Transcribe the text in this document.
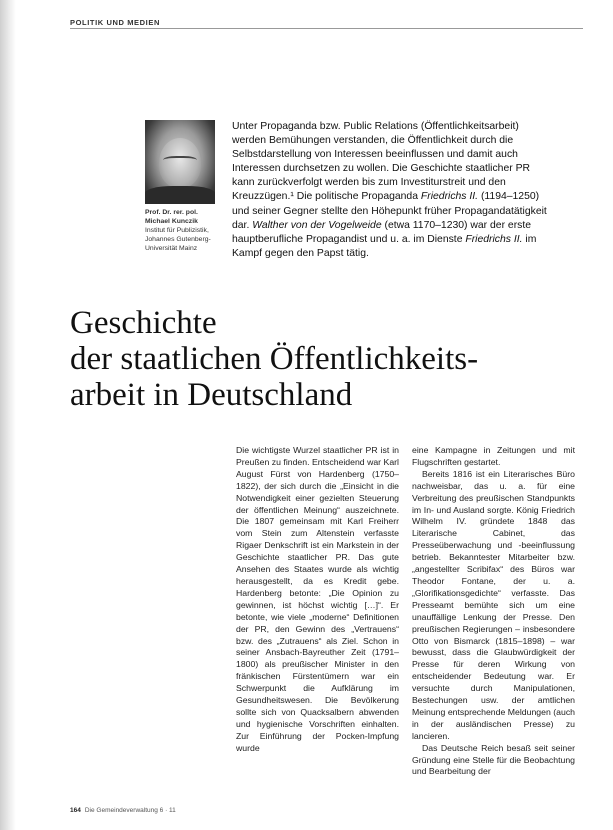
POLITIK UND MEDIEN
Prof. Dr. rer. pol. Michael Kunczik
Institut für Publizistik, Johannes Gutenberg-Universität Mainz
Unter Propaganda bzw. Public Relations (Öffentlichkeitsarbeit) werden Bemühungen verstanden, die Öffentlichkeit durch die Selbstdarstellung von Interessen beeinflussen und damit auch Interessen durchsetzen zu wollen. Die Geschichte staatlicher PR kann zurückverfolgt werden bis zum Investiturstreit und den Kreuzzügen.¹ Die politische Propaganda Friedrichs II. (1194–1250) und seiner Gegner stellte den Höhepunkt früher Propagandatätigkeit dar. Walther von der Vogelweide (etwa 1170–1230) war der erste hauptberufliche Propagandist und u. a. im Dienste Friedrichs II. im Kampf gegen den Papst tätig.
Geschichte
der staatlichen Öffentlichkeits-
arbeit in Deutschland

Die wichtigste Wurzel staatlicher PR ist in Preußen zu finden. Entscheidend war Karl August Fürst von Hardenberg (1750–1822), der sich durch die „Einsicht in die Notwendigkeit einer gezielten Steuerung der öffentlichen Meinung“ auszeichnete. Die 1807 gemeinsam mit Karl Freiherr vom Stein zum Altenstein verfasste Rigaer Denkschrift ist ein Markstein in der Geschichte staatlicher PR. Das gute Ansehen des Staates wurde als wichtig herausgestellt, da es Kredit gebe. Hardenberg betonte: „Die Opinion zu gewinnen, ist höchst wichtig […]“. Er betonte, wie viele „moderne“ Definitionen der PR, den Gewinn des „Vertrauens“ bzw. des „Zutrauens“ als Ziel. Schon in seiner Ansbach-Bayreuther Zeit (1791–1800) als preußischer Minister in den fränkischen Fürstentümern war ein Schwerpunkt die Aufklärung im Gesundheitswesen. Die Bevölkerung sollte sich von Quacksalbern abwenden und hygienische Vorschriften einhalten. Zur Einführung der Pocken-Impfung wurde

eine Kampagne in Zeitungen und mit Flugschriften gestartet.

Bereits 1816 ist ein Literarisches Büro nachweisbar, das u. a. für eine Verbreitung des preußischen Standpunkts im In- und Ausland sorgte. König Friedrich Wilhelm IV. gründete 1848 das Literarische Cabinet, das Presseüberwachung und -beeinflussung betrieb. Bekanntester Mitarbeiter bzw. „angestellter Scribifax“ des Büros war Theodor Fontane, der u. a. „Glorifikationsgedichte“ verfasste. Das Presseamt bemühte sich um eine unauffällige Lenkung der Presse. Den preußischen Regierungen – insbesondere Otto von Bismarck (1815–1898) – war bewusst, dass die Glaubwürdigkeit der Presse für deren Wirkung von entscheidender Bedeutung war. Er versuchte durch Manipulationen, Bestechungen usw. der amtlichen Meinung entsprechende Meldungen (auch in der ausländischen Presse) zu lancieren.

Das Deutsche Reich besaß seit seiner Gründung eine Stelle für die Beobachtung und Bearbeitung der

164 Die Gemeindeverwaltung 6 · 11
